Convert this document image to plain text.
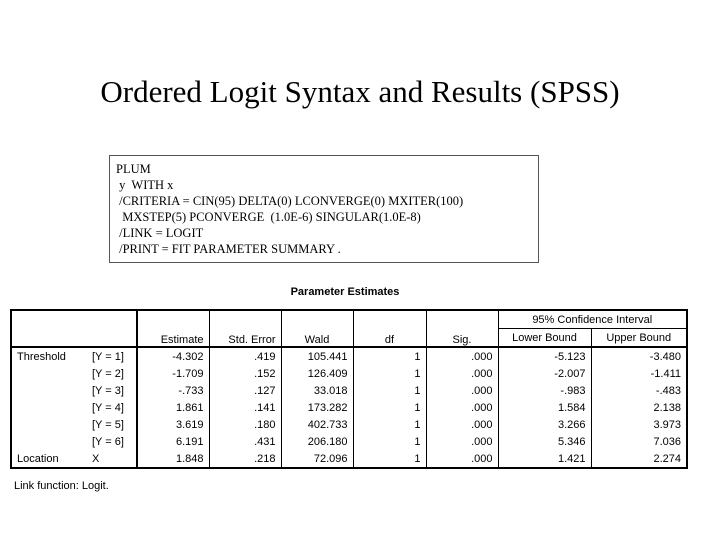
Ordered Logit Syntax and Results (SPSS)
PLUM
y  WITH x
/CRITERIA = CIN(95) DELTA(0) LCONVERGE(0) MXITER(100)
MXSTEP(5) PCONVERGE  (1.0E-6) SINGULAR(1.0E-8)
/LINK = LOGIT
/PRINT = FIT PARAMETER SUMMARY .
Parameter Estimates
		Estimate	Std. Error	Wald	df	Sig.	95% Confidence Interval	
							Lower Bound	Upper Bound
Threshold	[Y = 1]	-4.302	.419	105.441	1	.000	-5.123	-3.480
	[Y = 2]	-1.709	.152	126.409	1	.000	-2.007	-1.411
	[Y = 3]	-.733	.127	33.018	1	.000	-.983	-.483
	[Y = 4]	1.861	.141	173.282	1	.000	1.584	2.138
	[Y = 5]	3.619	.180	402.733	1	.000	3.266	3.973
	[Y = 6]	6.191	.431	206.180	1	.000	5.346	7.036
Location	X	1.848	.218	72.096	1	.000	1.421	2.274
Link function: Logit.
